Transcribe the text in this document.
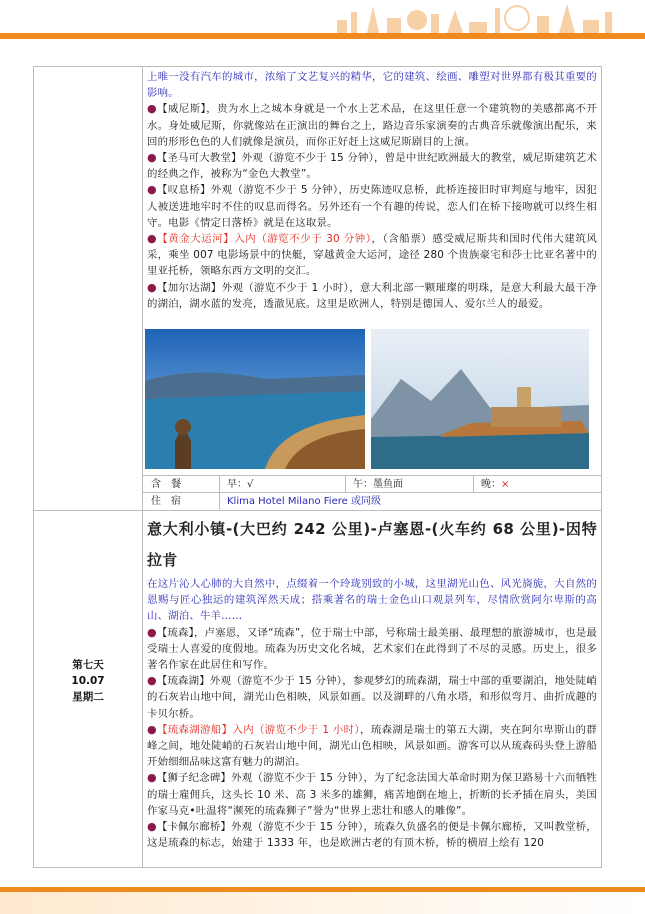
上唯一没有汽车的城市，浓缩了文艺复兴的精华，它的建筑、绘画、雕塑对世界都有极其重要的影响。

●【威尼斯】，贵为水上之城本身就是一个水上艺术品，在这里任意一个建筑物的美感都离不开水。身处威尼斯，你就像站在正演出的舞台之上，路边音乐家演奏的古典音乐就像演出配乐，来回的形形色色的人们就像是演员，而你正好赶上这威尼斯剧目的上演。

●【圣马可大教堂】外观（游览不少于 15 分钟），曾是中世纪欧洲最大的教堂，威尼斯建筑艺术的经典之作，被称为“金色大教堂”。

●【叹息桥】外观（游览不少于 5 分钟），历史陈迹叹息桥，此桥连接旧时审判庭与地牢，因犯人被送进地牢时不住的叹息而得名。另外还有一个有趣的传说，恋人们在桥下接吻就可以终生相守。电影《情定日落桥》就是在这取景。

●【黄金大运河】入内（游览不少于 30 分钟），（含船票）感受威尼斯共和国时代伟大建筑风采，乘坐 007 电影场景中的快艇，穿越黄金大运河，途径 280 个贵族豪宅和莎士比亚名著中的里亚托桥，领略东西方文明的交汇。

●【加尔达湖】外观（游览不少于 1 小时），意大利北部一颗璀璨的明珠，是意大利最大最干净的湖泊，湖水蓝的发亮，透澈见底。这里是欧洲人，特别是德国人、爱尔兰人的最爱。

含　餐	早：√	午：墨鱼面	晚：×
住　宿	Klima Hotel Milano Fiere 或同级
第七天
10.07
星期二

意大利小镇-(大巴约 242 公里)-卢塞恩-(火车约 68 公里)-因特拉肯

在这片沁人心肺的大自然中，点缀着一个玲珑别致的小城，这里湖光山色、风光旖旎，大自然的恩赐与匠心独运的建筑浑然天成；搭乘著名的瑞士金色山口观景列车，尽情欣赏阿尔卑斯的高山、湖泊、牛羊……

●【琉森】，卢塞恩，又译“琉森”，位于瑞士中部，号称瑞士最美丽、最理想的旅游城市，也是最受瑞士人喜爱的度假地。琉森为历史文化名城，艺术家们在此得到了不尽的灵感。历史上，很多著名作家在此居住和写作。

●【琉森湖】外观（游览不少于 15 分钟），参观梦幻的琉森湖，瑞士中部的重要湖泊，地处陡峭的石灰岩山地中间，湖光山色相映，风景如画。以及湖畔的八角水塔，和形似弯月、曲折成趣的卡贝尔桥。

●【琉森湖游船】入内（游览不少于 1 小时），琉森湖是瑞士的第五大湖，夹在阿尔卑斯山的群峰之间，地处陡峭的石灰岩山地中间，湖光山色相映，风景如画。游客可以从琉森码头登上游船开始细细品味这富有魅力的湖泊。

●【狮子纪念碑】外观（游览不少于 15 分钟），为了纪念法国大革命时期为保卫路易十六而牺牲的瑞士雇佣兵，这头长 10 米、高 3 米多的雄狮，痛苦地倒在地上，折断的长矛插在肩头，美国作家马克•吐温将“濒死的琉森狮子”誉为“世界上悲壮和感人的雕像”。

●【卡佩尔廊桥】外观（游览不少于 15 分钟），琉森久负盛名的便是卡佩尔廊桥，又叫教堂桥，这是琉森的标志，始建于 1333 年，也是欧洲古老的有顶木桥，桥的横眉上绘有 120
